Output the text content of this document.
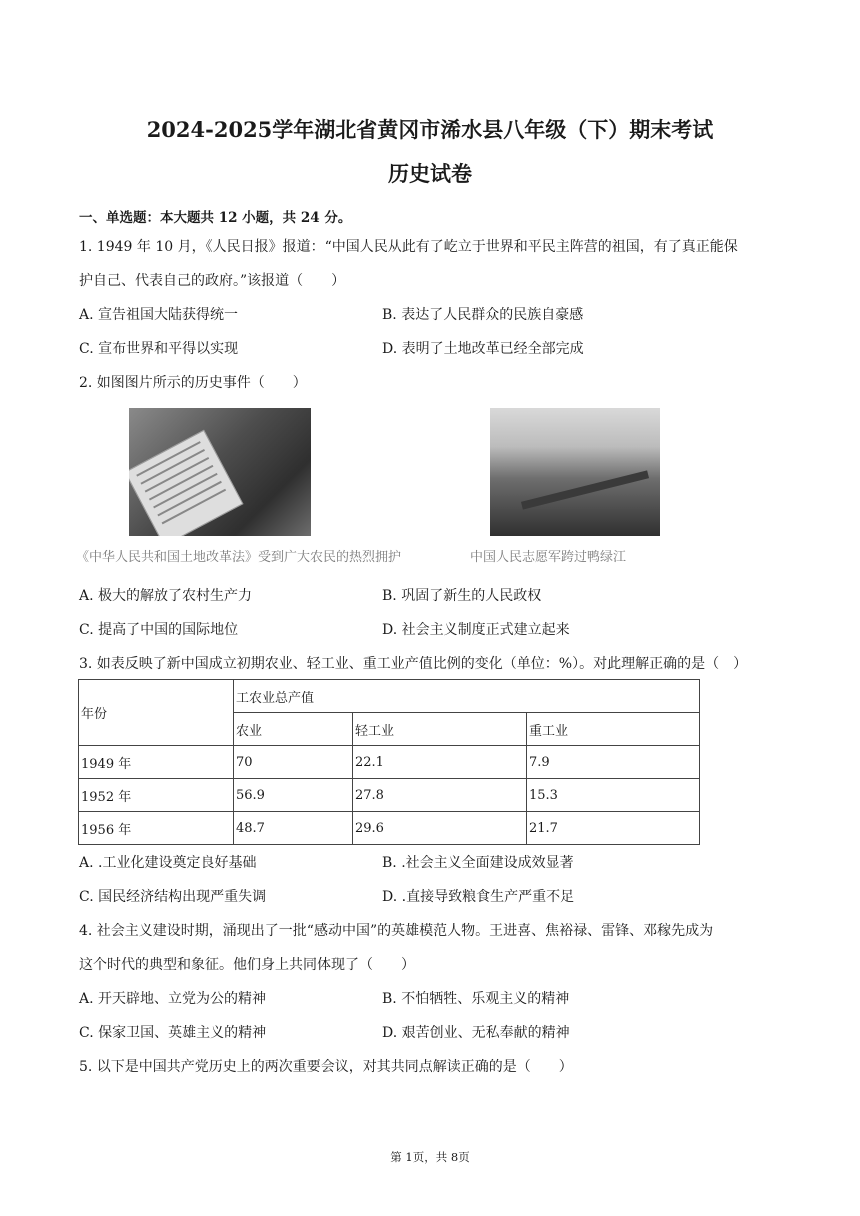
2024-2025学年湖北省黄冈市浠水县八年级（下）期末考试
历史试卷
一、单选题：本大题共 12 小题，共 24 分。
1. 1949 年 10 月，《人民日报》报道：“中国人民从此有了屹立于世界和平民主阵营的祖国，有了真正能保
护自己、代表自己的政府。”该报道（　　）
A. 宣告祖国大陆获得统一	B. 表达了人民群众的民族自豪感
C. 宣布世界和平得以实现	D. 表明了土地改革已经全部完成
2. 如图图片所示的历史事件（　　）
《中华人民共和国土地改革法》受到广大农民的热烈拥护	中国人民志愿军跨过鸭绿江
A. 极大的解放了农村生产力	B. 巩固了新生的人民政权
C. 提高了中国的国际地位	D. 社会主义制度正式建立起来
3. 如表反映了新中国成立初期农业、轻工业、重工业产值比例的变化（单位：%）。对此理解正确的是（　）
年份	工农业总产值		
	农业	轻工业	重工业
1949 年	70	22.1	7.9
1952 年	56.9	27.8	15.3
1956 年	48.7	29.6	21.7
A. .工业化建设奠定良好基础	B. .社会主义全面建设成效显著
C. 国民经济结构出现严重失调	D. .直接导致粮食生产严重不足
4. 社会主义建设时期，涌现出了一批“感动中国”的英雄模范人物。王进喜、焦裕禄、雷锋、邓稼先成为
这个时代的典型和象征。他们身上共同体现了（　　）
A. 开天辟地、立党为公的精神	B. 不怕牺牲、乐观主义的精神
C. 保家卫国、英雄主义的精神	D. 艰苦创业、无私奉献的精神
5. 以下是中国共产党历史上的两次重要会议，对其共同点解读正确的是（　　）
第 1页，共 8页
